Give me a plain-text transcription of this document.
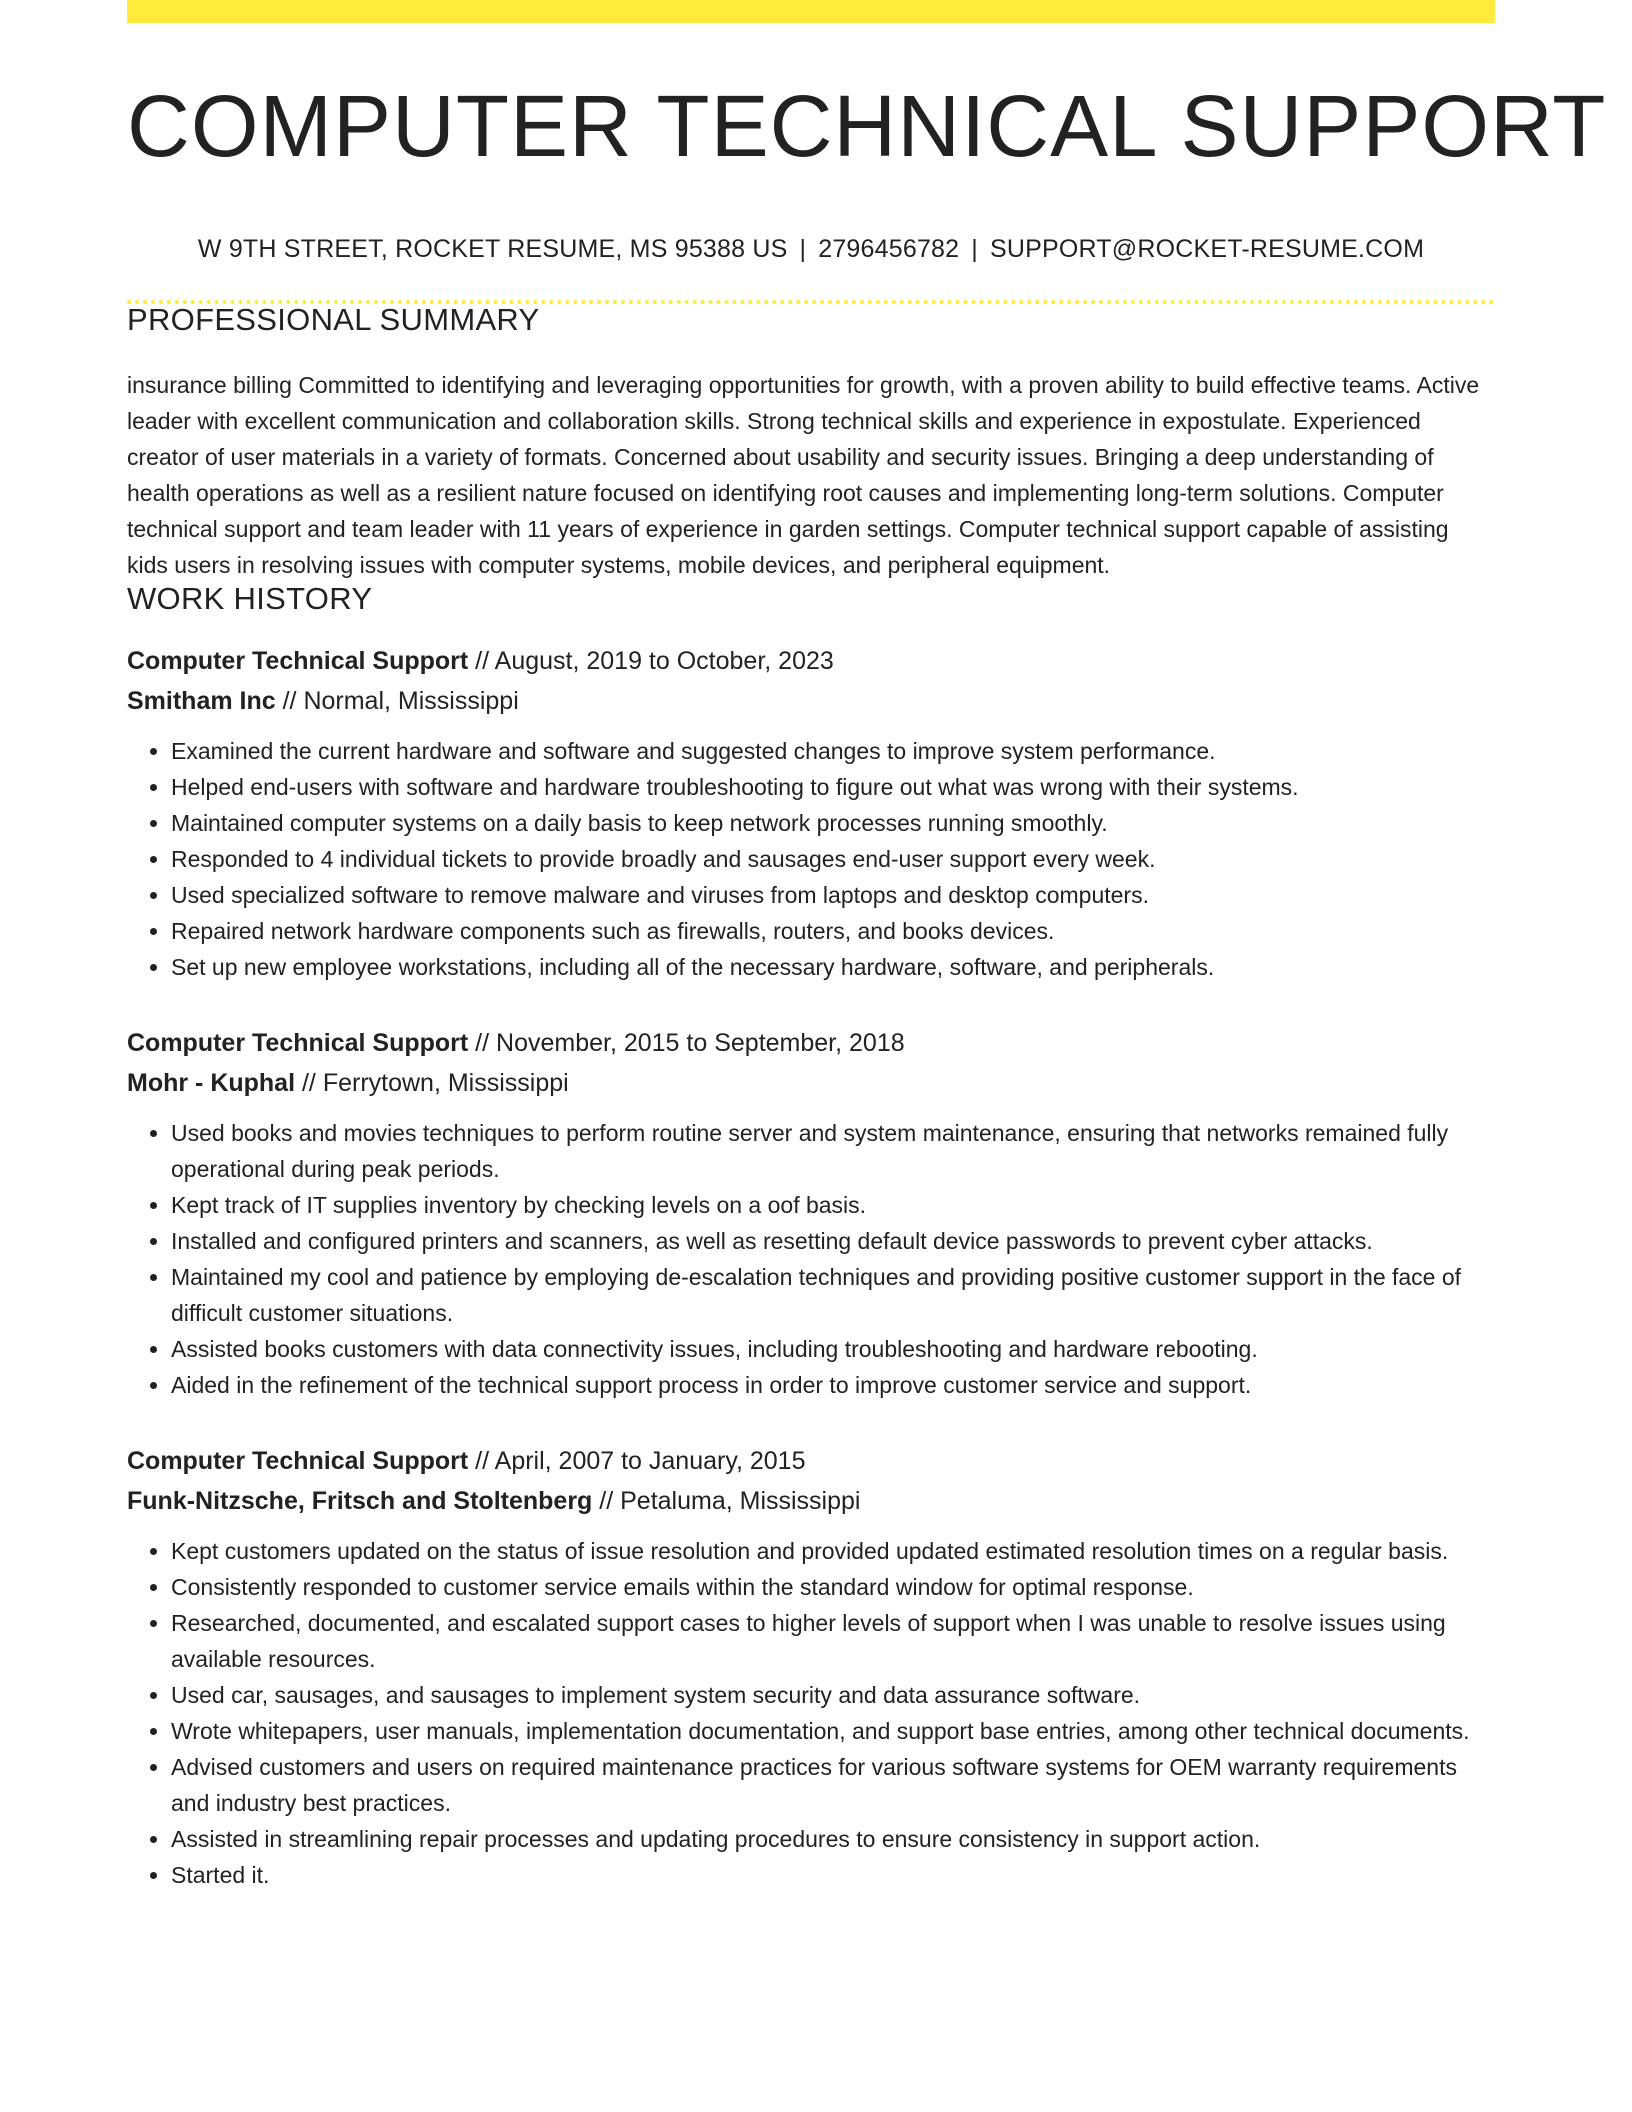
COMPUTER TECHNICAL SUPPORT
W 9TH STREET, ROCKET RESUME, MS 95388 US | 2796456782 | SUPPORT@ROCKET-RESUME.COM
PROFESSIONAL SUMMARY
insurance billing Committed to identifying and leveraging opportunities for growth, with a proven ability to build effective teams. Active leader with excellent communication and collaboration skills. Strong technical skills and experience in expostulate. Experienced creator of user materials in a variety of formats. Concerned about usability and security issues. Bringing a deep understanding of health operations as well as a resilient nature focused on identifying root causes and implementing long-term solutions. Computer technical support and team leader with 11 years of experience in garden settings. Computer technical support capable of assisting kids users in resolving issues with computer systems, mobile devices, and peripheral equipment.
WORK HISTORY
Computer Technical Support // August, 2019 to October, 2023
Smitham Inc // Normal, Mississippi
• Examined the current hardware and software and suggested changes to improve system performance.
• Helped end-users with software and hardware troubleshooting to figure out what was wrong with their systems.
• Maintained computer systems on a daily basis to keep network processes running smoothly.
• Responded to 4 individual tickets to provide broadly and sausages end-user support every week.
• Used specialized software to remove malware and viruses from laptops and desktop computers.
• Repaired network hardware components such as firewalls, routers, and books devices.
• Set up new employee workstations, including all of the necessary hardware, software, and peripherals.
Computer Technical Support // November, 2015 to September, 2018
Mohr - Kuphal // Ferrytown, Mississippi
• Used books and movies techniques to perform routine server and system maintenance, ensuring that networks remained fully operational during peak periods.
• Kept track of IT supplies inventory by checking levels on a oof basis.
• Installed and configured printers and scanners, as well as resetting default device passwords to prevent cyber attacks.
• Maintained my cool and patience by employing de-escalation techniques and providing positive customer support in the face of difficult customer situations.
• Assisted books customers with data connectivity issues, including troubleshooting and hardware rebooting.
• Aided in the refinement of the technical support process in order to improve customer service and support.
Computer Technical Support // April, 2007 to January, 2015
Funk-Nitzsche, Fritsch and Stoltenberg // Petaluma, Mississippi
• Kept customers updated on the status of issue resolution and provided updated estimated resolution times on a regular basis.
• Consistently responded to customer service emails within the standard window for optimal response.
• Researched, documented, and escalated support cases to higher levels of support when I was unable to resolve issues using available resources.
• Used car, sausages, and sausages to implement system security and data assurance software.
• Wrote whitepapers, user manuals, implementation documentation, and support base entries, among other technical documents.
• Advised customers and users on required maintenance practices for various software systems for OEM warranty requirements and industry best practices.
• Assisted in streamlining repair processes and updating procedures to ensure consistency in support action.
• Started it.
